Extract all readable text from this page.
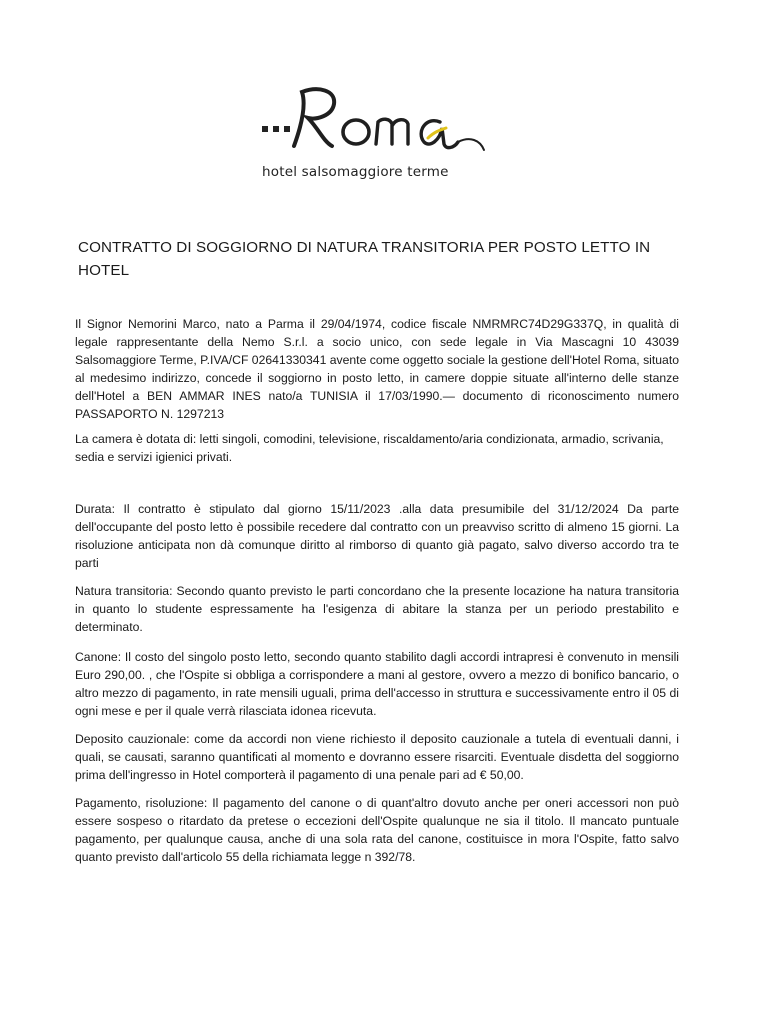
hotel salsomaggiore terme
CONTRATTO DI SOGGIORNO DI NATURA TRANSITORIA PER POSTO LETTO IN HOTEL

Il Signor Nemorini Marco, nato a Parma il 29/04/1974, codice fiscale NMRMRC74D29G337Q, in qualità di legale rappresentante della Nemo S.r.l. a socio unico, con sede legale in Via Mascagni 10 43039 Salsomaggiore Terme, P.IVA/CF 02641330341 avente come oggetto sociale la gestione dell'Hotel Roma, situato al medesimo indirizzo, concede il soggiorno in posto letto, in camere doppie situate all'interno delle stanze dell'Hotel a BEN AMMAR INES nato/a TUNISIA il 17/03/1990.— documento di riconoscimento numero PASSAPORTO N. 1297213

La camera è dotata di: letti singoli, comodini, televisione, riscaldamento/aria condizionata, armadio, scrivania, sedia e servizi igienici privati.

Durata: Il contratto è stipulato dal giorno 15/11/2023 .alla data presumibile del 31/12/2024 Da parte dell'occupante del posto letto è possibile recedere dal contratto con un preavviso scritto di almeno 15 giorni. La risoluzione anticipata non dà comunque diritto al rimborso di quanto già pagato, salvo diverso accordo tra te parti

Natura transitoria: Secondo quanto previsto le parti concordano che la presente locazione ha natura transitoria in quanto lo studente espressamente ha l'esigenza di abitare la stanza per un periodo prestabilito e determinato.

Canone: Il costo del singolo posto letto, secondo quanto stabilito dagli accordi intrapresi è convenuto in mensili Euro 290,00. , che l'Ospite si obbliga a corrispondere a mani al gestore, ovvero a mezzo di bonifico bancario, o altro mezzo di pagamento, in rate mensili uguali, prima dell'accesso in struttura e successivamente entro il 05 di ogni mese e per il quale verrà rilasciata idonea ricevuta.

Deposito cauzionale: come da accordi non viene richiesto il deposito cauzionale a tutela di eventuali danni, i quali, se causati, saranno quantificati al momento e dovranno essere risarciti. Eventuale disdetta del soggiorno prima dell'ingresso in Hotel comporterà il pagamento di una penale pari ad € 50,00.

Pagamento, risoluzione: Il pagamento del canone o di quant'altro dovuto anche per oneri accessori non può essere sospeso o ritardato da pretese o eccezioni dell'Ospite qualunque ne sia il titolo. Il mancato puntuale pagamento, per qualunque causa, anche di una sola rata del canone, costituisce in mora l'Ospite, fatto salvo quanto previsto dall'articolo 55 della richiamata legge n 392/78.
